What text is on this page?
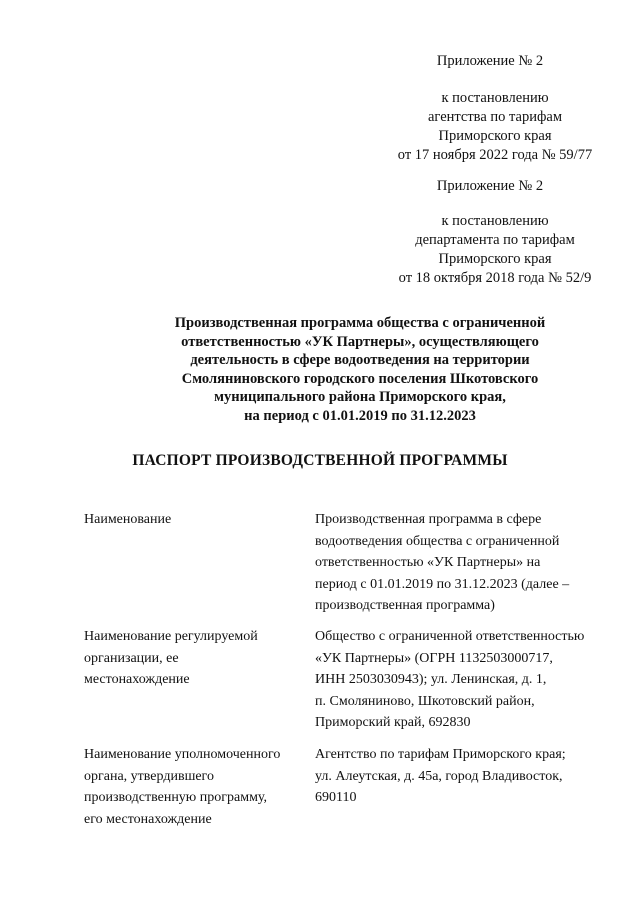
Приложение № 2
к постановлению
агентства по тарифам
Приморского края
от 17 ноября 2022 года № 59/77
Приложение № 2
к постановлению
департамента по тарифам
Приморского края
от 18 октября 2018 года № 52/9
Производственная программа общества с ограниченной
ответственностью «УК Партнеры», осуществляющего
деятельность в сфере водоотведения на территории
Смоляниновского городского поселения Шкотовского
муниципального района Приморского края,
на период с 01.01.2019 по 31.12.2023
ПАСПОРТ ПРОИЗВОДСТВЕННОЙ ПРОГРАММЫ
Наименование	Производственная программа в сфере
водоотведения общества с ограниченной
ответственностью «УК Партнеры» на
период с 01.01.2019 по 31.12.2023 (далее –
производственная программа)
Наименование регулируемой
организации, ее
местонахождение
Общество с ограниченной ответственностью
«УК Партнеры» (ОГРН 1132503000717,
ИНН 2503030943); ул. Ленинская, д. 1,
п. Смоляниново, Шкотовский район,
Приморский край, 692830
Наименование уполномоченного
органа, утвердившего
производственную программу,
его местонахождение
Агентство по тарифам Приморского края;
ул. Алеутская, д. 45а, город Владивосток,
690110
